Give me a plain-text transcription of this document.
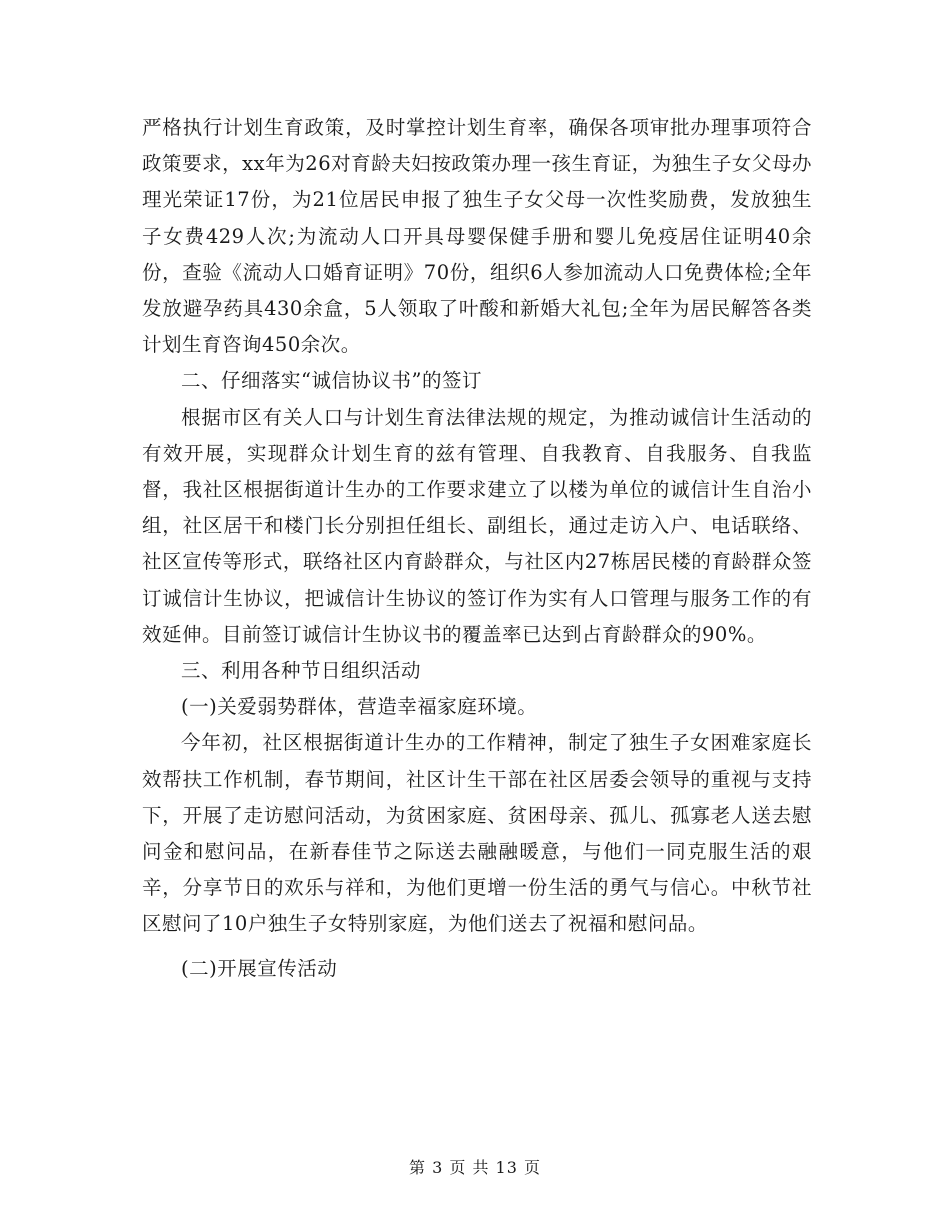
严格执行计划生育政策，及时掌控计划生育率，确保各项审批办理事项符合政策要求，xx年为26对育龄夫妇按政策办理一孩生育证，为独生子女父母办理光荣证17份，为21位居民申报了独生子女父母一次性奖励费，发放独生子女费429人次;为流动人口开具母婴保健手册和婴儿免疫居住证明40余份，查验《流动人口婚育证明》70份，组织6人参加流动人口免费体检;全年发放避孕药具430余盒，5人领取了叶酸和新婚大礼包;全年为居民解答各类计划生育咨询450余次。

二、仔细落实“诚信协议书”的签订

根据市区有关人口与计划生育法律法规的规定，为推动诚信计生活动的有效开展，实现群众计划生育的兹有管理、自我教育、自我服务、自我监督，我社区根据街道计生办的工作要求建立了以楼为单位的诚信计生自治小组，社区居干和楼门长分别担任组长、副组长，通过走访入户、电话联络、社区宣传等形式，联络社区内育龄群众，与社区内27栋居民楼的育龄群众签订诚信计生协议，把诚信计生协议的签订作为实有人口管理与服务工作的有效延伸。目前签订诚信计生协议书的覆盖率已达到占育龄群众的90%。

三、利用各种节日组织活动

(一)关爱弱势群体，营造幸福家庭环境。

今年初，社区根据街道计生办的工作精神，制定了独生子女困难家庭长效帮扶工作机制，春节期间，社区计生干部在社区居委会领导的重视与支持下，开展了走访慰问活动，为贫困家庭、贫困母亲、孤儿、孤寡老人送去慰问金和慰问品，在新春佳节之际送去融融暖意，与他们一同克服生活的艰辛，分享节日的欢乐与祥和，为他们更增一份生活的勇气与信心。中秋节社区慰问了10户独生子女特别家庭，为他们送去了祝福和慰问品。

(二)开展宣传活动

第 3 页 共 13 页
